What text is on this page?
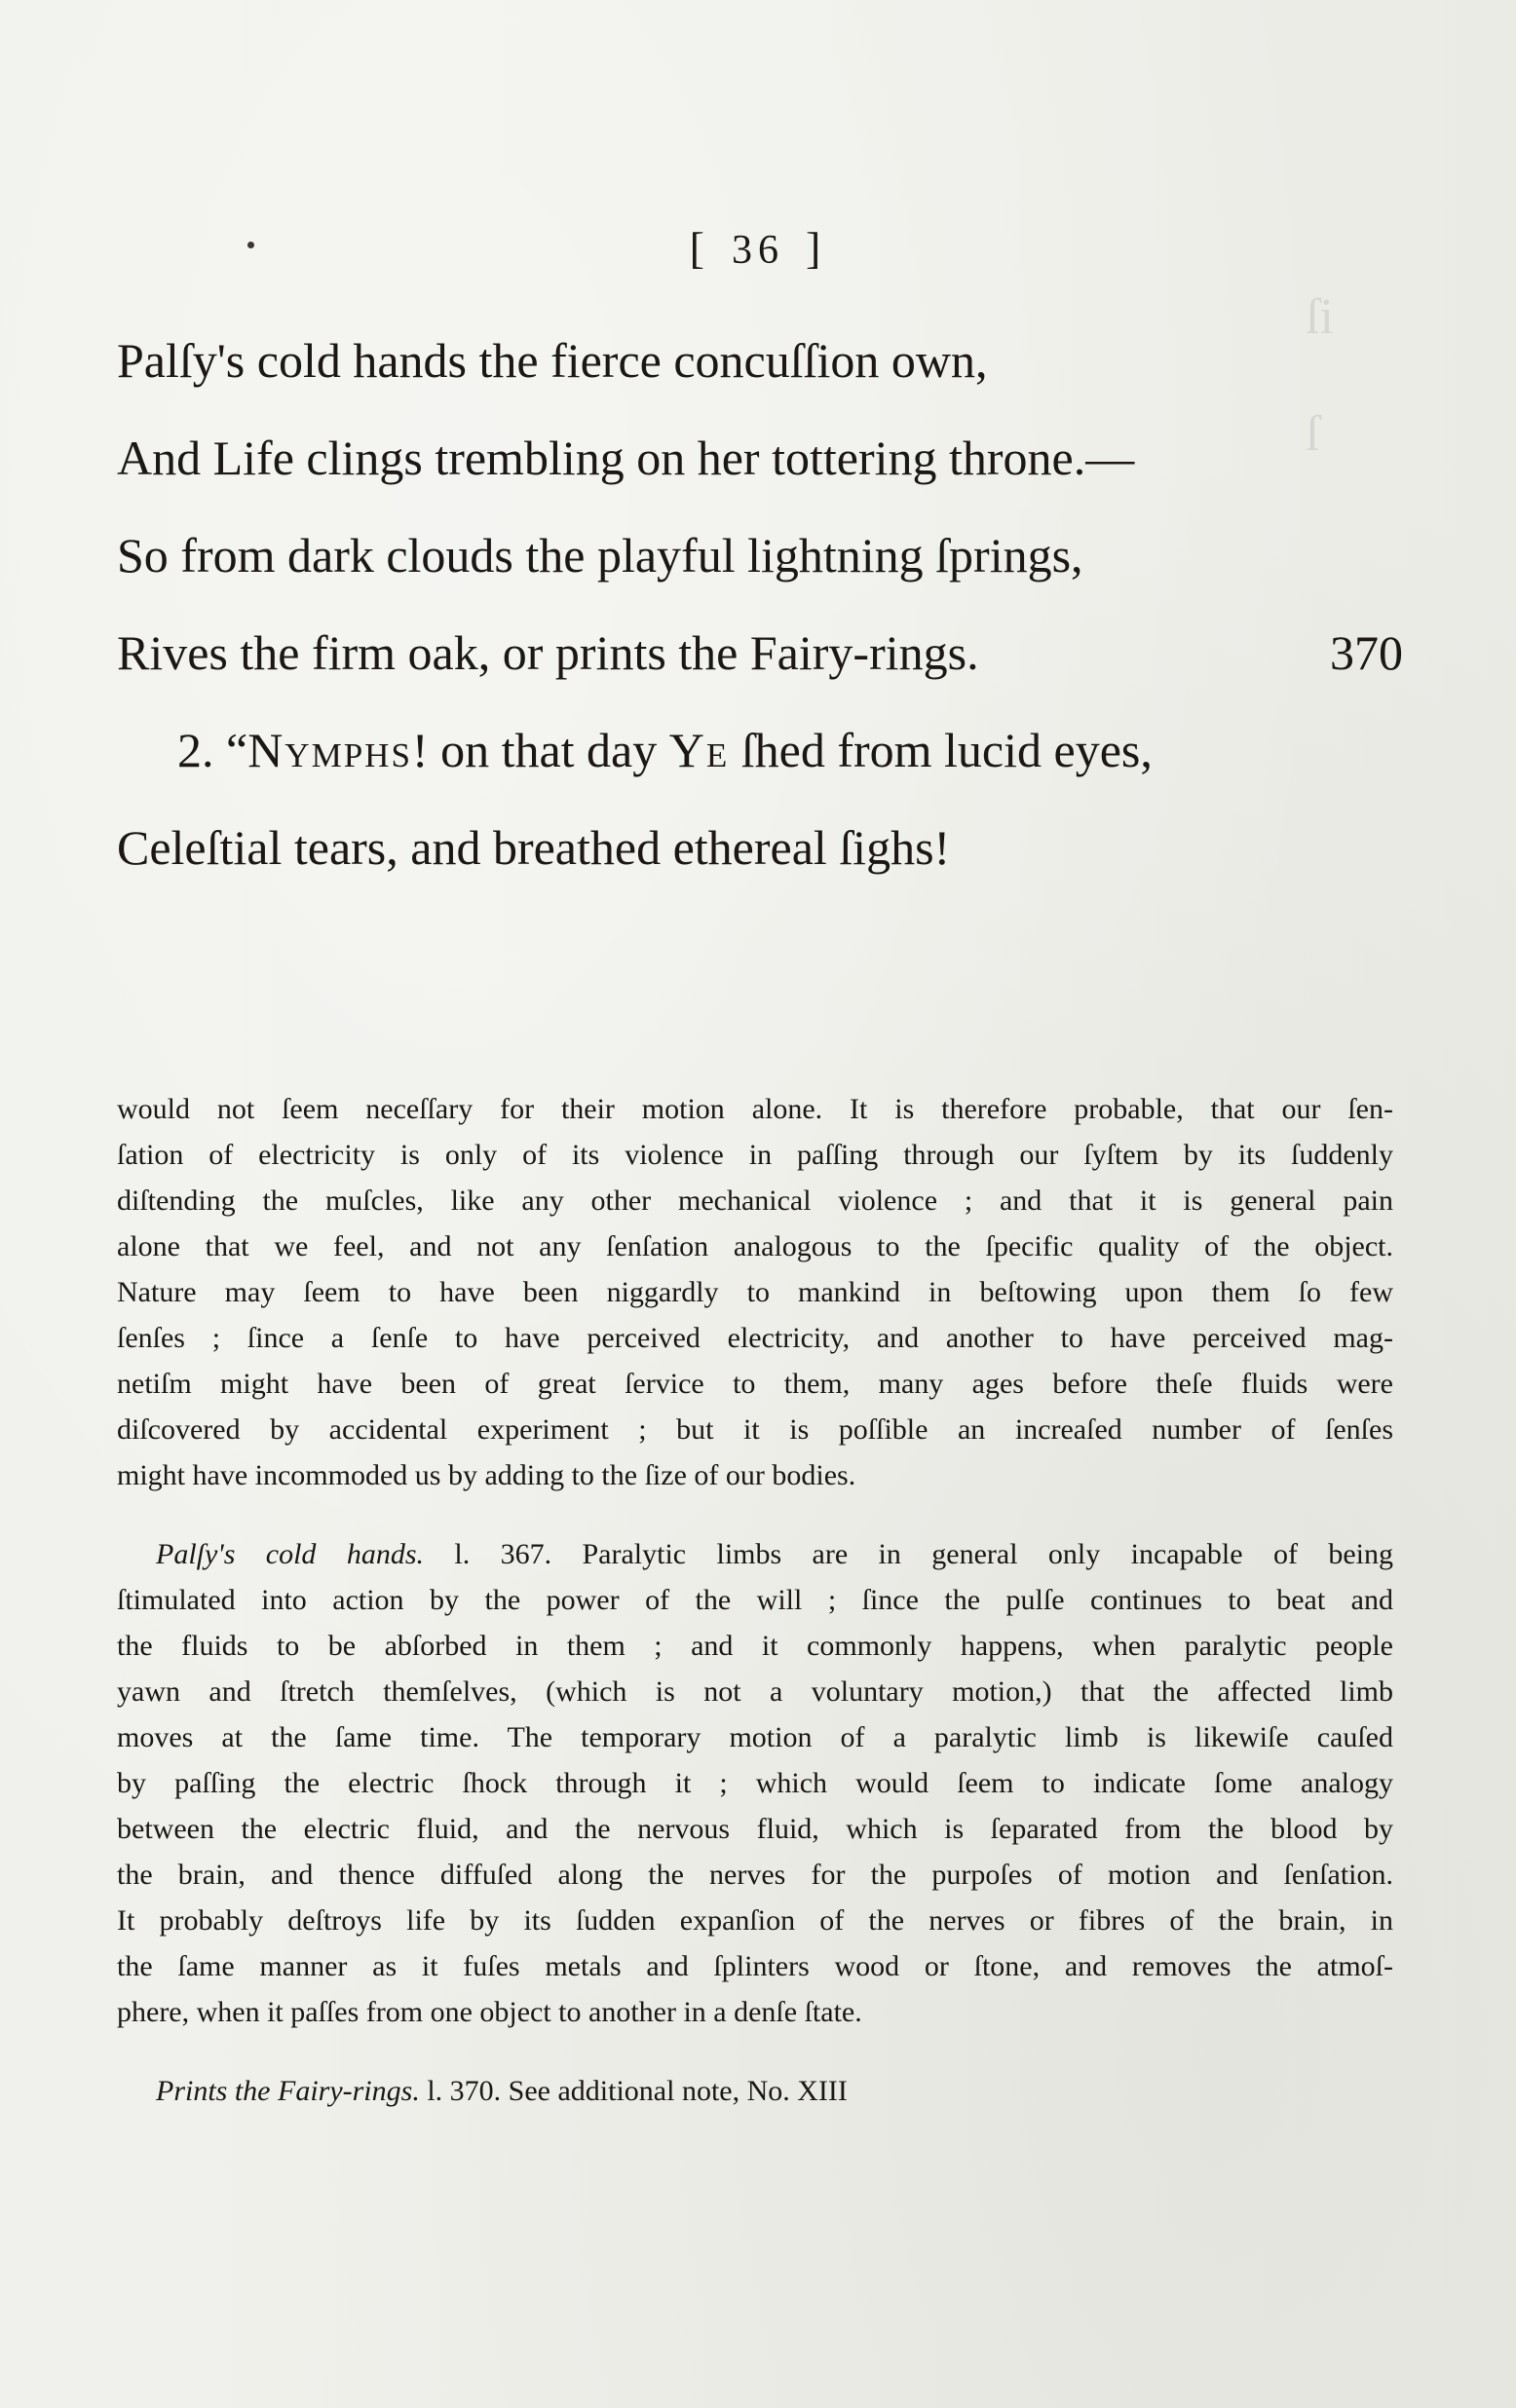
ſi
ſ
[ 36 ]
Palſy's cold hands the fierce concuſſion own,
And Life clings trembling on her tottering throne.—
So from dark clouds the playful lightning ſprings,
Rives the firm oak, or prints the Fairy-rings.	370
2. “Nymphs! on that day Ye ſhed from lucid eyes,
Celeſtial tears, and breathed ethereal ſighs!
would not ſeem neceſſary for their motion alone. It is therefore probable, that our ſen-
ſation of electricity is only of its violence in paſſing through our ſyſtem by its ſuddenly
diſtending the muſcles, like any other mechanical violence ; and that it is general pain
alone that we feel, and not any ſenſation analogous to the ſpecific quality of the object.
Nature may ſeem to have been niggardly to mankind in beſtowing upon them ſo few
ſenſes ; ſince a ſenſe to have perceived electricity, and another to have perceived mag-
netiſm might have been of great ſervice to them, many ages before theſe fluids were
diſcovered by accidental experiment ; but it is poſſible an increaſed number of ſenſes
might have incommoded us by adding to the ſize of our bodies.
Palſy's cold hands. l. 367. Paralytic limbs are in general only incapable of being
ſtimulated into action by the power of the will ; ſince the pulſe continues to beat and
the fluids to be abſorbed in them ; and it commonly happens, when paralytic people
yawn and ſtretch themſelves, (which is not a voluntary motion,) that the affected limb
moves at the ſame time. The temporary motion of a paralytic limb is likewiſe cauſed
by paſſing the electric ſhock through it ; which would ſeem to indicate ſome analogy
between the electric fluid, and the nervous fluid, which is ſeparated from the blood by
the brain, and thence diffuſed along the nerves for the purpoſes of motion and ſenſation.
It probably deſtroys life by its ſudden expanſion of the nerves or fibres of the brain, in
the ſame manner as it fuſes metals and ſplinters wood or ſtone, and removes the atmoſ-
phere, when it paſſes from one object to another in a denſe ſtate.
Prints the Fairy-rings. l. 370. See additional note, No. XIII
